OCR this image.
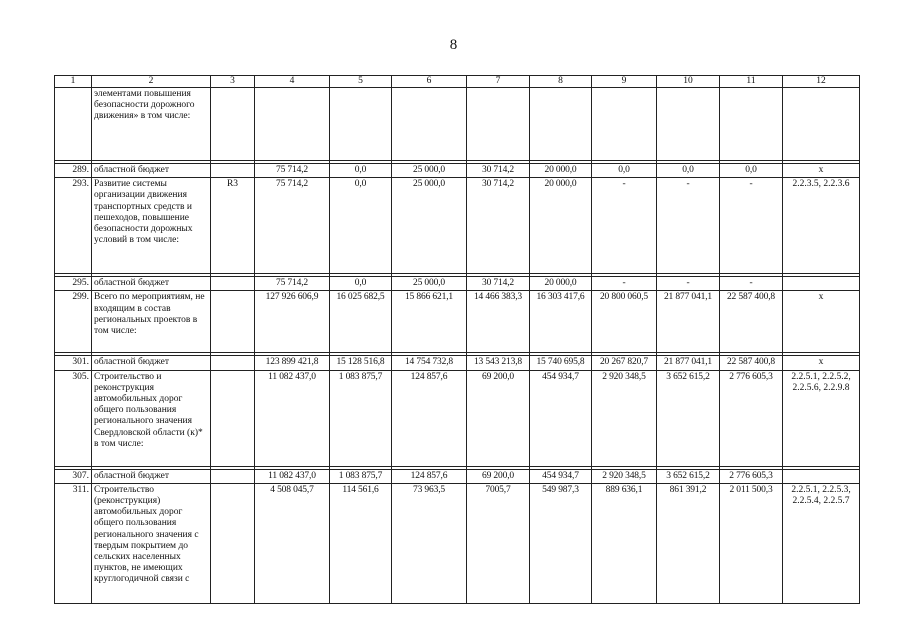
8
1	2	3	4	5	6	7	8	9	10	11	12
	элементами повышения безопасности дорожного движения» в том числе:										

289.	областной бюджет		75 714,2	0,0	25 000,0	30 714,2	20 000,0	0,0	0,0	0,0	х
293.	Развитие системы организации движения транспортных средств и пешеходов, повышение безопасности дорожных условий в том числе:	R3	75 714,2	0,0	25 000,0	30 714,2	20 000,0	-	-	-	2.2.3.5, 2.2.3.6

295.	областной бюджет		75 714,2	0,0	25 000,0	30 714,2	20 000,0	-	-	-	
299.	Всего по мероприятиям, не входящим в состав региональных проектов в том числе:		127 926 606,9	16 025 682,5	15 866 621,1	14 466 383,3	16 303 417,6	20 800 060,5	21 877 041,1	22 587 400,8	х

301.	областной бюджет		123 899 421,8	15 128 516,8	14 754 732,8	13 543 213,8	15 740 695,8	20 267 820,7	21 877 041,1	22 587 400,8	х
305.	Строительство и реконструкция автомобильных дорог общего пользования регионального значения Свердловской области (к)* в том числе:		11 082 437,0	1 083 875,7	124 857,6	69 200,0	454 934,7	2 920 348,5	3 652 615,2	2 776 605,3	2.2.5.1, 2.2.5.2, 2.2.5.6, 2.2.9.8

307.	областной бюджет		11 082 437,0	1 083 875,7	124 857,6	69 200,0	454 934,7	2 920 348,5	3 652 615,2	2 776 605,3	
311.	Строительство (реконструкция) автомобильных дорог общего пользования регионального значения с твердым покрытием до сельских населенных пунктов, не имеющих круглогодичной связи с		4 508 045,7	114 561,6	73 963,5	7005,7	549 987,3	889 636,1	861 391,2	2 011 500,3	2.2.5.1, 2.2.5.3, 2.2.5.4, 2.2.5.7
